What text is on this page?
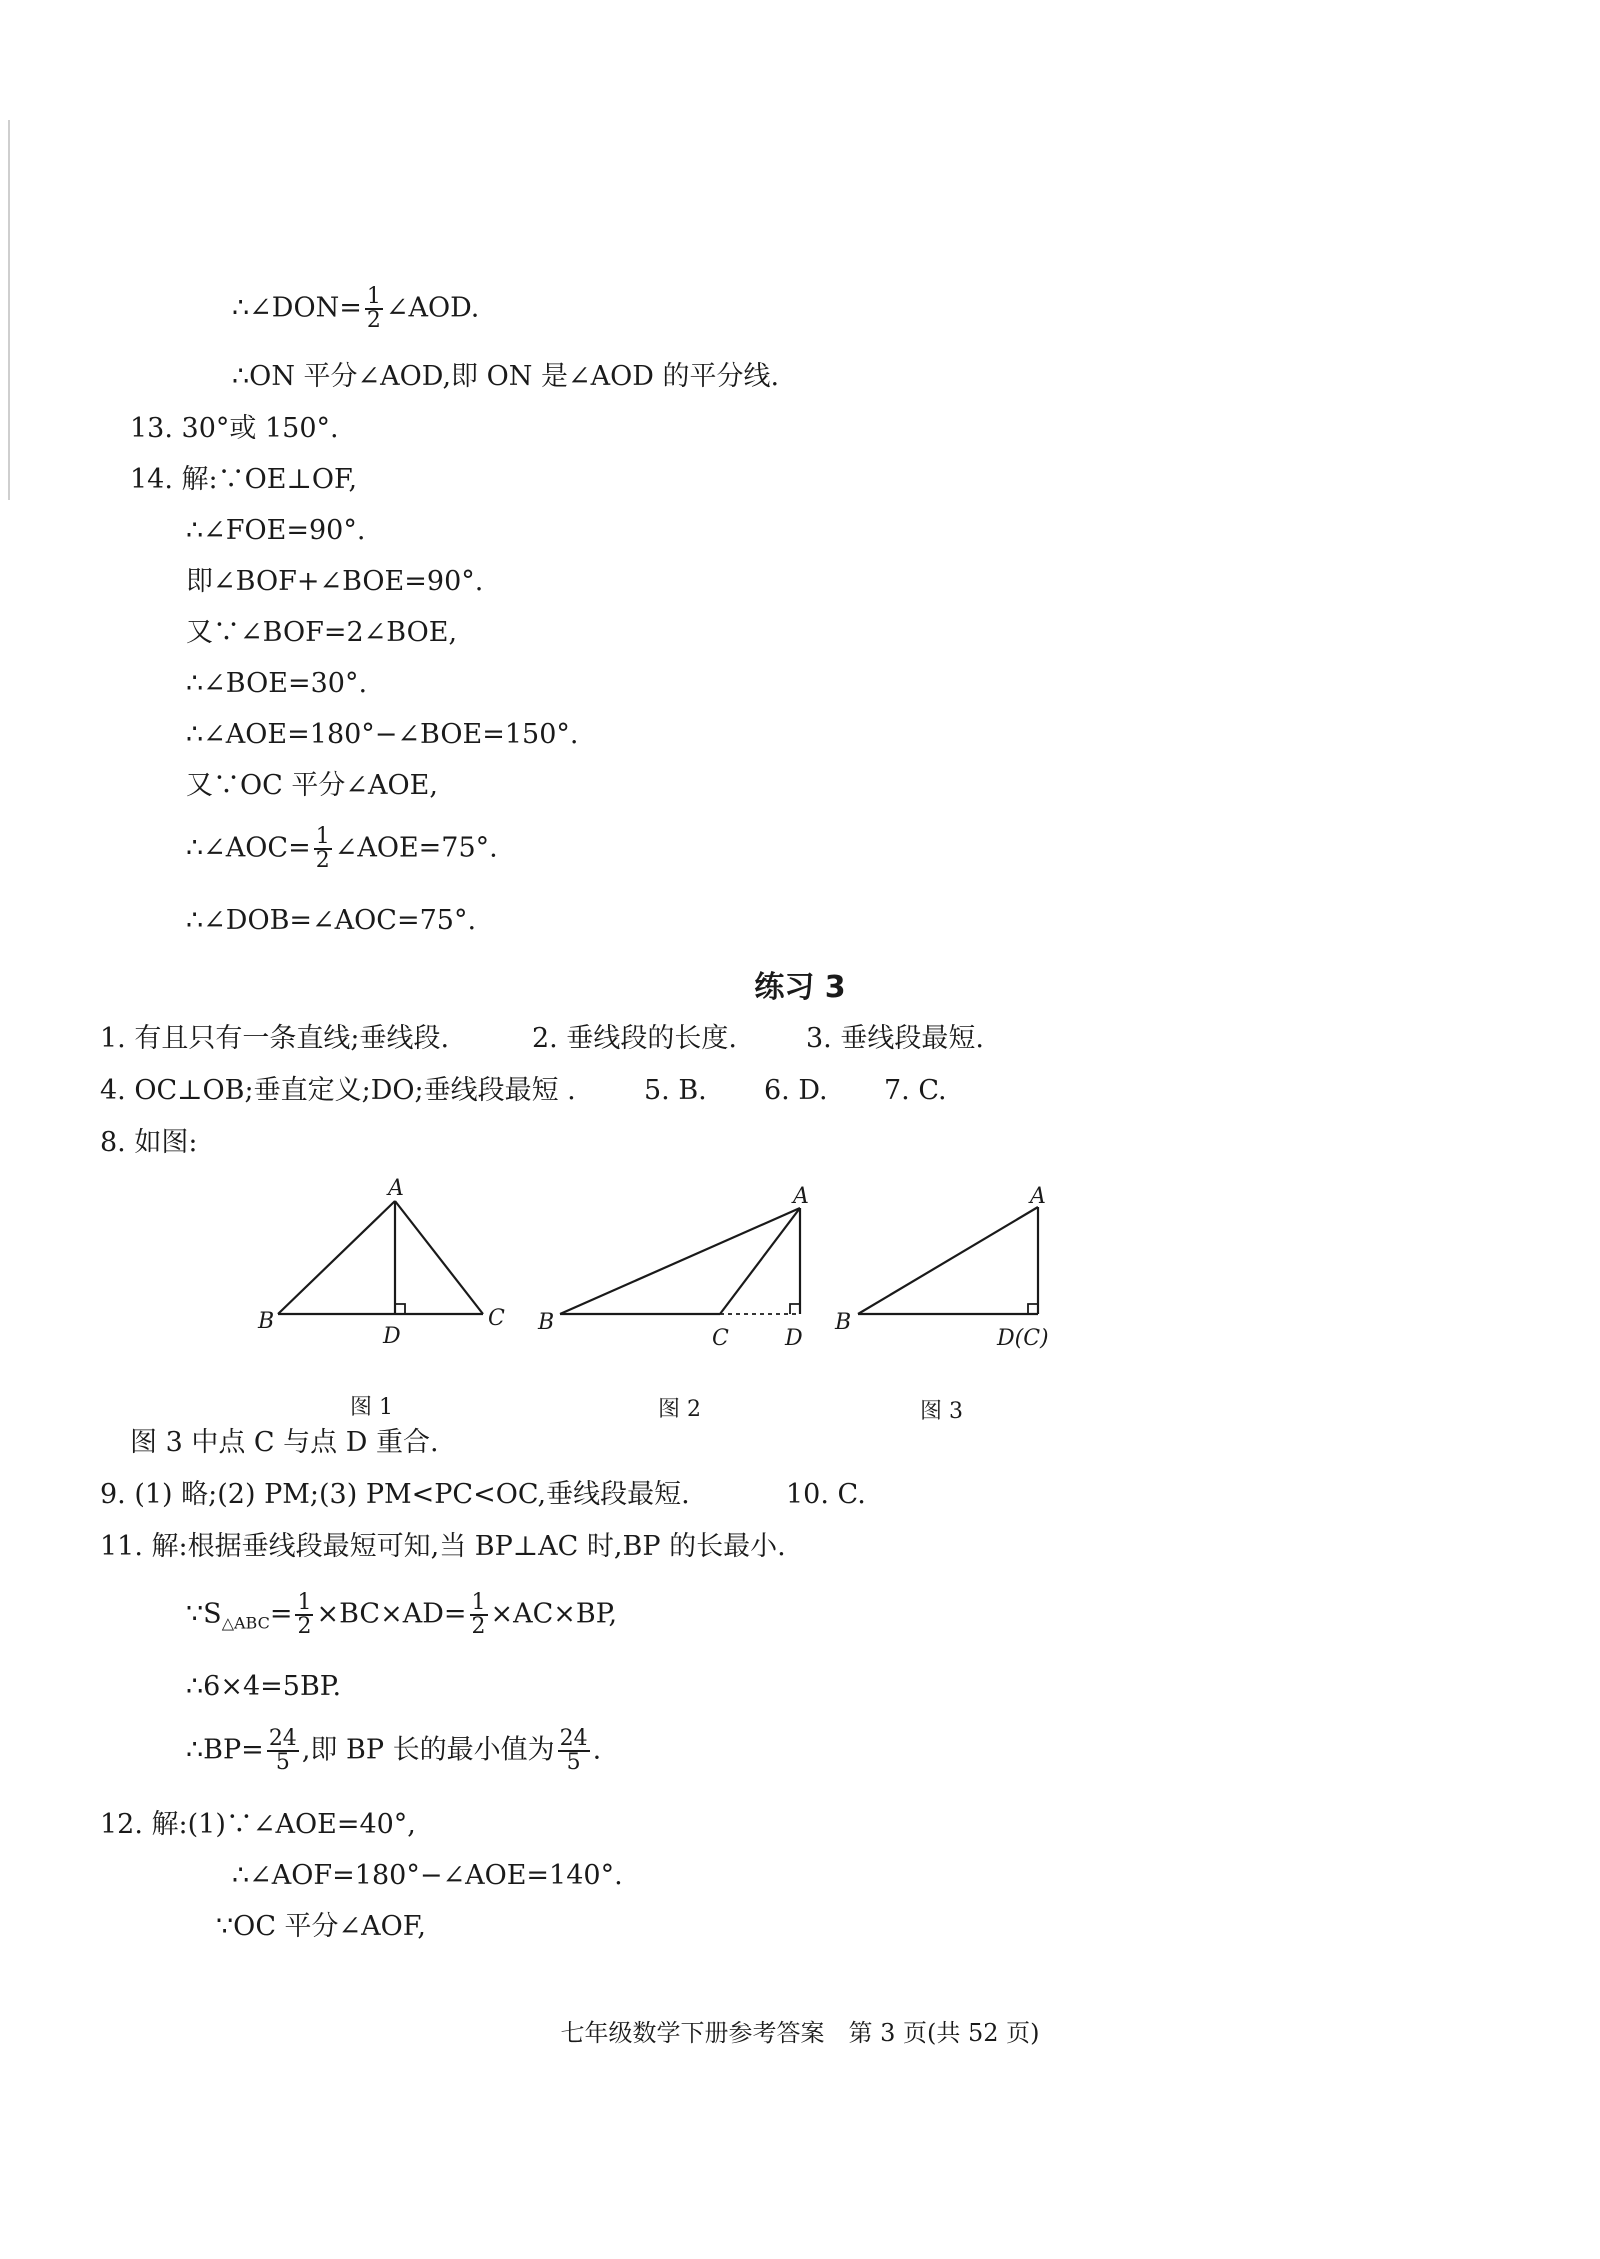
∴∠DON= $\frac{1}{2}$ ∠AOD.
∴ON 平分∠AOD,即 ON 是∠AOD 的平分线.
13. 30°或 150°.
14. 解:∵OE⊥OF,
∴∠FOE=90°.
即∠BOF+∠BOE=90°.
又∵∠BOF=2∠BOE,
∴∠BOE=30°.
∴∠AOE=180°−∠BOE=150°.
又∵OC 平分∠AOE,
∴∠AOC= $\frac{1}{2}$ ∠AOE=75°.
∴∠DOB=∠AOC=75°.
练习 3
1. 有且只有一条直线;垂线段.	2. 垂线段的长度.	3. 垂线段最短.
4. OC⊥OB;垂直定义;DO;垂线段最短 .	5. B. 6. D. 7. C.
8. 如图:
A
B	C
D
A
B
C	D
A
B
D(C)
图 1	图 2	图 3
图 3 中点 C 与点 D 重合.
9. (1) 略;(2) PM;(3) PM<PC<OC,垂线段最短.	10. C.
11. 解:根据垂线段最短可知,当 BP⊥AC 时,BP 的长最小.
$\because S_{\triangle ABC}= \frac{1}{2} \times BC\times AD= \frac{1}{2} \times AC\times BP$,
∴6×4=5BP.
∴BP= $\frac{24}{5}$ ,即 BP 长的最小值为 $\frac{24}{5}$ .
12. 解:(1)∵∠AOE=40°,
∴∠AOF=180°−∠AOE=140°.
∵OC 平分∠AOF,
七年级数学下册参考答案　第 3 页(共 52 页)
